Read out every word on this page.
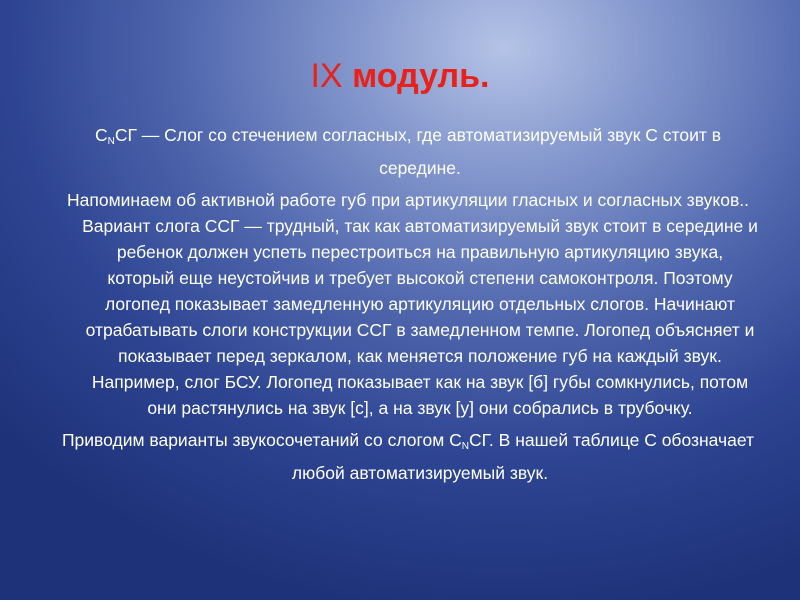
IX модуль.

$С_NСГ$ — Слог со стечением согласных, где автоматизируемый звук С стоит в середине.

Напоминаем об активной работе губ при артикуляции гласных и согласных звуков.. Вариант слога ССГ — трудный, так как автоматизируемый звук стоит в середине и ребенок должен успеть перестроиться на правильную артикуляцию звука, который еще неустойчив и требует высокой степени самоконтроля. Поэтому логопед показывает замедленную артикуляцию отдельных слогов. Начинают отрабатывать слоги конструкции ССГ в замедленном темпе. Логопед объясняет и показывает перед зеркалом, как меняется положение губ на каждый звук. Например, слог БСУ. Логопед показывает как на звук [б] губы сомкнулись, потом они растянулись на звук [с], а на звук [у] они собрались в трубочку.

Приводим варианты звукосочетаний со слогом $С_NСГ$. В нашей таблице С обозначает любой автоматизируемый звук.
